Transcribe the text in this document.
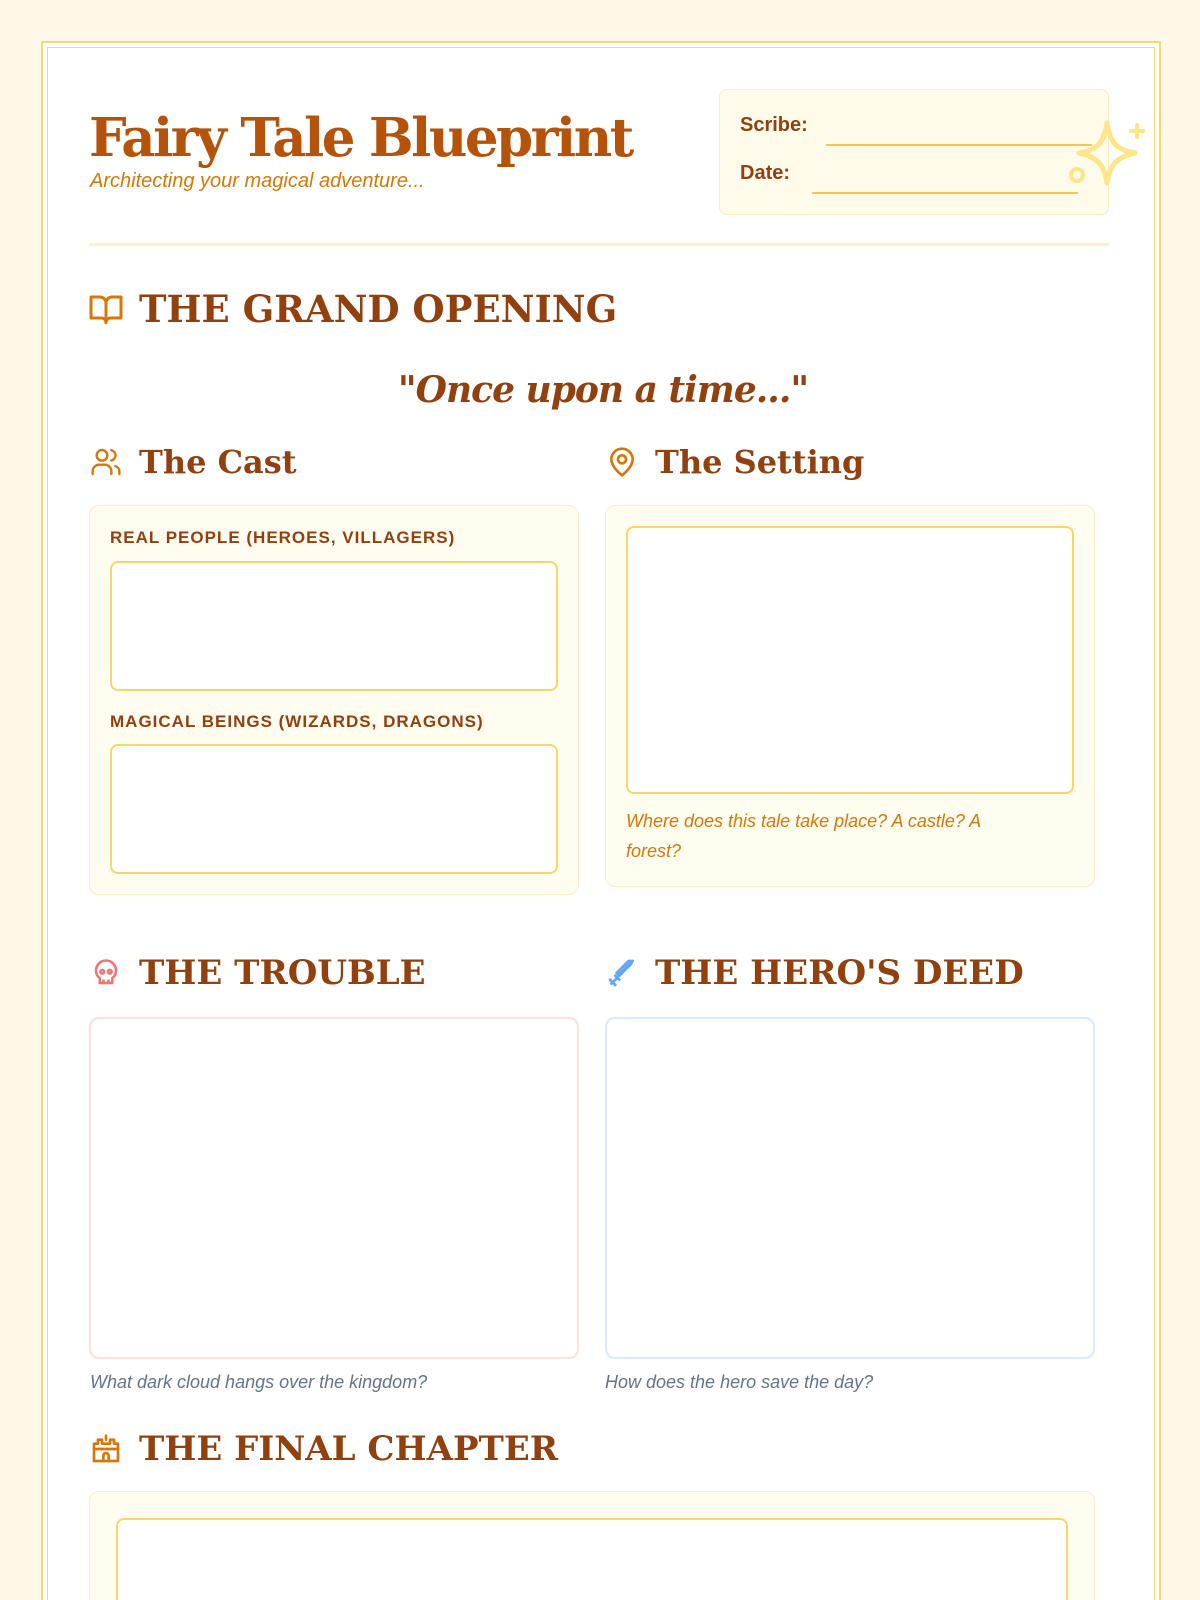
Fairy Tale Blueprint
Architecting your magical adventure...
Scribe:
Date:
THE GRAND OPENING
"Once upon a time..."
The Cast
REAL PEOPLE (HEROES, VILLAGERS)
MAGICAL BEINGS (WIZARDS, DRAGONS)
The Setting
Where does this tale take place? A castle? A
forest?
THE TROUBLE
What dark cloud hangs over the kingdom?
THE HERO'S DEED
How does the hero save the day?
THE FINAL CHAPTER
